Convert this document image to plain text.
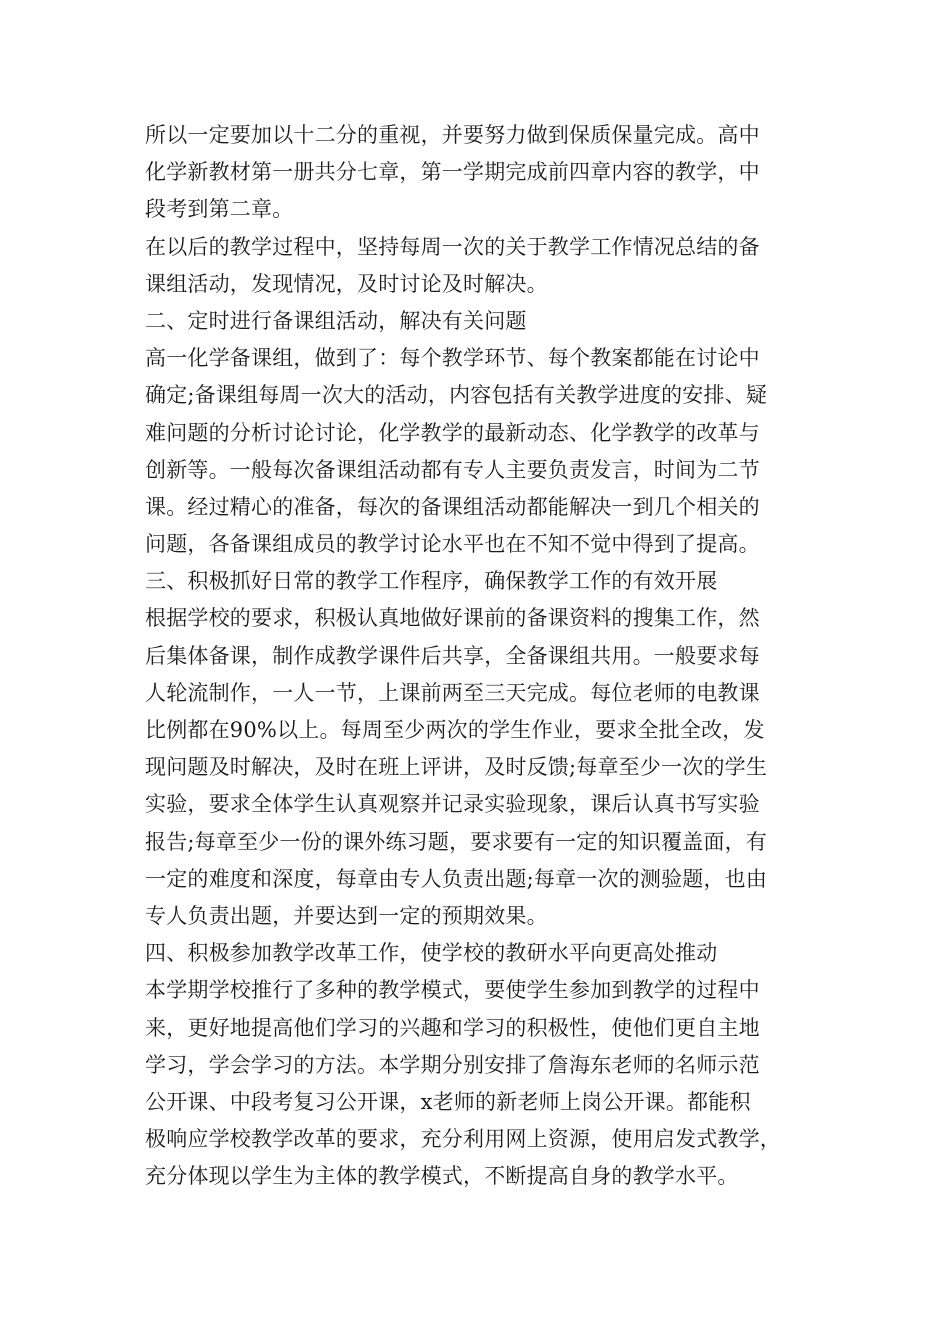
所以一定要加以十二分的重视，并要努力做到保质保量完成。高中
化学新教材第一册共分七章，第一学期完成前四章内容的教学，中
段考到第二章。
在以后的教学过程中，坚持每周一次的关于教学工作情况总结的备
课组活动，发现情况，及时讨论及时解决。
二、定时进行备课组活动，解决有关问题
高一化学备课组，做到了：每个教学环节、每个教案都能在讨论中
确定;备课组每周一次大的活动，内容包括有关教学进度的安排、疑
难问题的分析讨论讨论，化学教学的最新动态、化学教学的改革与
创新等。一般每次备课组活动都有专人主要负责发言，时间为二节
课。经过精心的准备，每次的备课组活动都能解决一到几个相关的
问题，各备课组成员的教学讨论水平也在不知不觉中得到了提高。
三、积极抓好日常的教学工作程序，确保教学工作的有效开展
根据学校的要求，积极认真地做好课前的备课资料的搜集工作，然
后集体备课，制作成教学课件后共享，全备课组共用。一般要求每
人轮流制作，一人一节，上课前两至三天完成。每位老师的电教课
比例都在90%以上。每周至少两次的学生作业，要求全批全改，发
现问题及时解决，及时在班上评讲，及时反馈;每章至少一次的学生
实验，要求全体学生认真观察并记录实验现象，课后认真书写实验
报告;每章至少一份的课外练习题，要求要有一定的知识覆盖面，有
一定的难度和深度，每章由专人负责出题;每章一次的测验题，也由
专人负责出题，并要达到一定的预期效果。
四、积极参加教学改革工作，使学校的教研水平向更高处推动
本学期学校推行了多种的教学模式，要使学生参加到教学的过程中
来，更好地提高他们学习的兴趣和学习的积极性，使他们更自主地
学习，学会学习的方法。本学期分别安排了詹海东老师的名师示范
公开课、中段考复习公开课，x老师的新老师上岗公开课。都能积
极响应学校教学改革的要求，充分利用网上资源，使用启发式教学，
充分体现以学生为主体的教学模式，不断提高自身的教学水平。
